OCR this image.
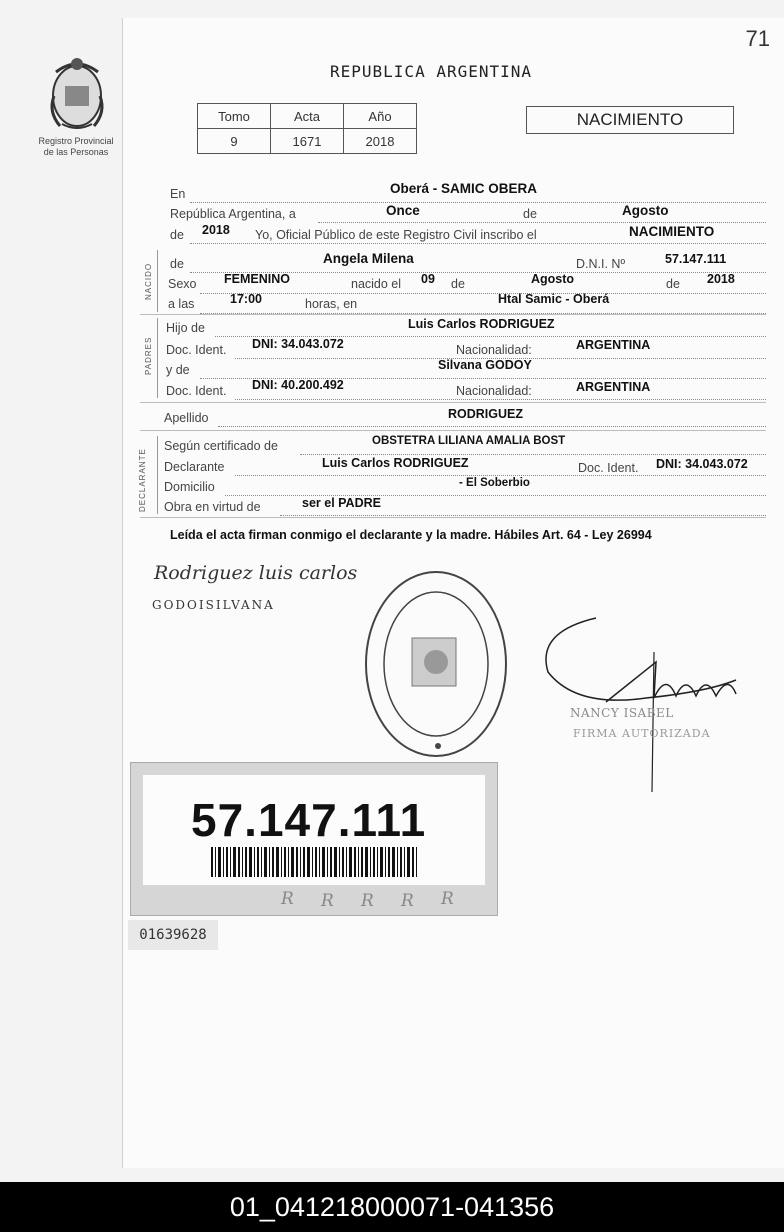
71
REPUBLICA ARGENTINA
Registro Provincial
de las Personas
Tomo	Acta	Año
9	1671	2018
NACIMIENTO
En	Oberá - SAMIC OBERA
República Argentina, a	Once	de	Agosto
de 2018 Yo, Oficial Público de este Registro Civil inscribo el	NACIMIENTO
NACIDO de	Angela Milena	D.N.I. Nº	57.147.111
Sexo FEMENINO	nacido el 09 de	Agosto	de 2018
a las	17:00	horas, en	Htal Samic - Oberá
PADRES
Hijo de	Luis Carlos RODRIGUEZ
Doc. Ident. DNI: 34.043.072	Nacionalidad:	ARGENTINA
y de	Silvana GODOY
Doc. Ident. DNI: 40.200.492	Nacionalidad:	ARGENTINA
Apellido	RODRIGUEZ
DECLARANTE
Según certificado de	OBSTETRA LILIANA AMALIA BOST
Declarante	Luis Carlos RODRIGUEZ	Doc. Ident. DNI: 34.043.072
Domicilio	- El Soberbio
Obra en virtud de	ser el PADRE
Leída el acta firman conmigo el declarante y la madre. Hábiles Art. 64 - Ley 26994
Rodriguez luis carlos
GODOISILVANA
NANCY ISABEL
FIRMA AUTORIZADA
R R R R R
57.147.111
01639628
01_041218000071-041356
